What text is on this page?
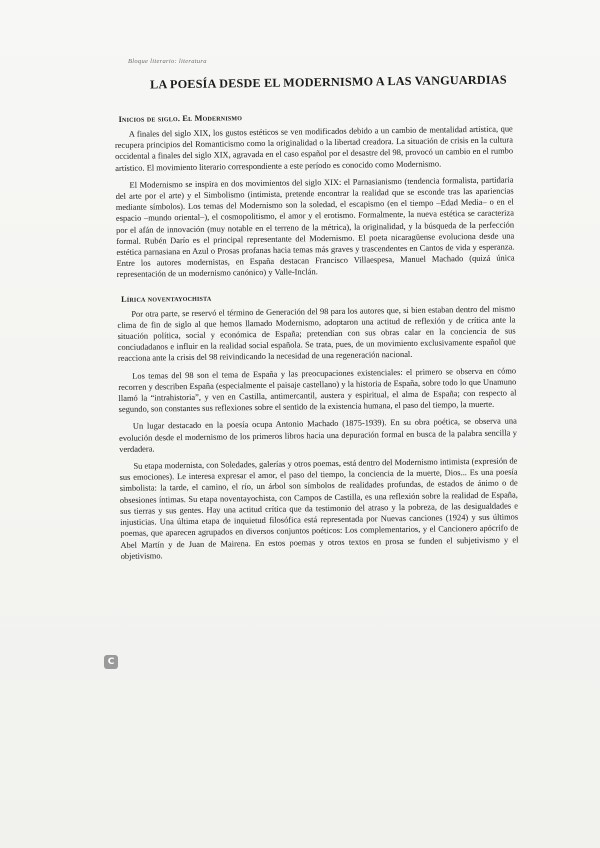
Bloque literario: literatura
LA POESÍA DESDE EL MODERNISMO A LAS VANGUARDIAS
Inicios de siglo. El Modernismo

A finales del siglo XIX, los gustos estéticos se ven modificados debido a un cambio de mentalidad artística, que recupera principios del Romanticismo como la originalidad o la libertad creadora. La situación de crisis en la cultura occidental a finales del siglo XIX, agravada en el caso español por el desastre del 98, provocó un cambio en el rumbo artístico. El movimiento literario correspondiente a este período es conocido como Modernismo.

El Modernismo se inspira en dos movimientos del siglo XIX: el Parnasianismo (tendencia formalista, partidaria del arte por el arte) y el Simbolismo (intimista, pretende encontrar la realidad que se esconde tras las apariencias mediante símbolos). Los temas del Modernismo son la soledad, el escapismo (en el tiempo –Edad Media– o en el espacio –mundo oriental–), el cosmopolitismo, el amor y el erotismo. Formalmente, la nueva estética se caracteriza por el afán de innovación (muy notable en el terreno de la métrica), la originalidad, y la búsqueda de la perfección formal. Rubén Darío es el principal representante del Modernismo. El poeta nicaragüense evoluciona desde una estética parnasiana en Azul o Prosas profanas hacia temas más graves y trascendentes en Cantos de vida y esperanza. Entre los autores modernistas, en España destacan Francisco Villaespesa, Manuel Machado (quizá única representación de un modernismo canónico) y Valle-Inclán.

Lírica noventayochista

Por otra parte, se reservó el término de Generación del 98 para los autores que, si bien estaban dentro del mismo clima de fin de siglo al que hemos llamado Modernismo, adoptaron una actitud de reflexión y de crítica ante la situación política, social y económica de España; pretendían con sus obras calar en la conciencia de sus conciudadanos e influir en la realidad social española. Se trata, pues, de un movimiento exclusivamente español que reacciona ante la crisis del 98 reivindicando la necesidad de una regeneración nacional.

Los temas del 98 son el tema de España y las preocupaciones existenciales: el primero se observa en cómo recorren y describen España (especialmente el paisaje castellano) y la historia de España, sobre todo lo que Unamuno llamó la “intrahistoria”, y ven en Castilla, antimercantil, austera y espiritual, el alma de España; con respecto al segundo, son constantes sus reflexiones sobre el sentido de la existencia humana, el paso del tiempo, la muerte.

Un lugar destacado en la poesía ocupa Antonio Machado (1875-1939). En su obra poética, se observa una evolución desde el modernismo de los primeros libros hacia una depuración formal en busca de la palabra sencilla y verdadera.

Su etapa modernista, con Soledades, galerías y otros poemas, está dentro del Modernismo intimista (expresión de sus emociones). Le interesa expresar el amor, el paso del tiempo, la conciencia de la muerte, Dios... Es una poesía simbolista: la tarde, el camino, el río, un árbol son símbolos de realidades profundas, de estados de ánimo o de obsesiones íntimas. Su etapa noventayochista, con Campos de Castilla, es una reflexión sobre la realidad de España, sus tierras y sus gentes. Hay una actitud crítica que da testimonio del atraso y la pobreza, de las desigualdades e injusticias. Una última etapa de inquietud filosófica está representada por Nuevas canciones (1924) y sus últimos poemas, que aparecen agrupados en diversos conjuntos poéticos: Los complementarios, y el Cancionero apócrifo de Abel Martín y de Juan de Mairena. En estos poemas y otros textos en prosa se funden el subjetivismo y el objetivismo.

C
